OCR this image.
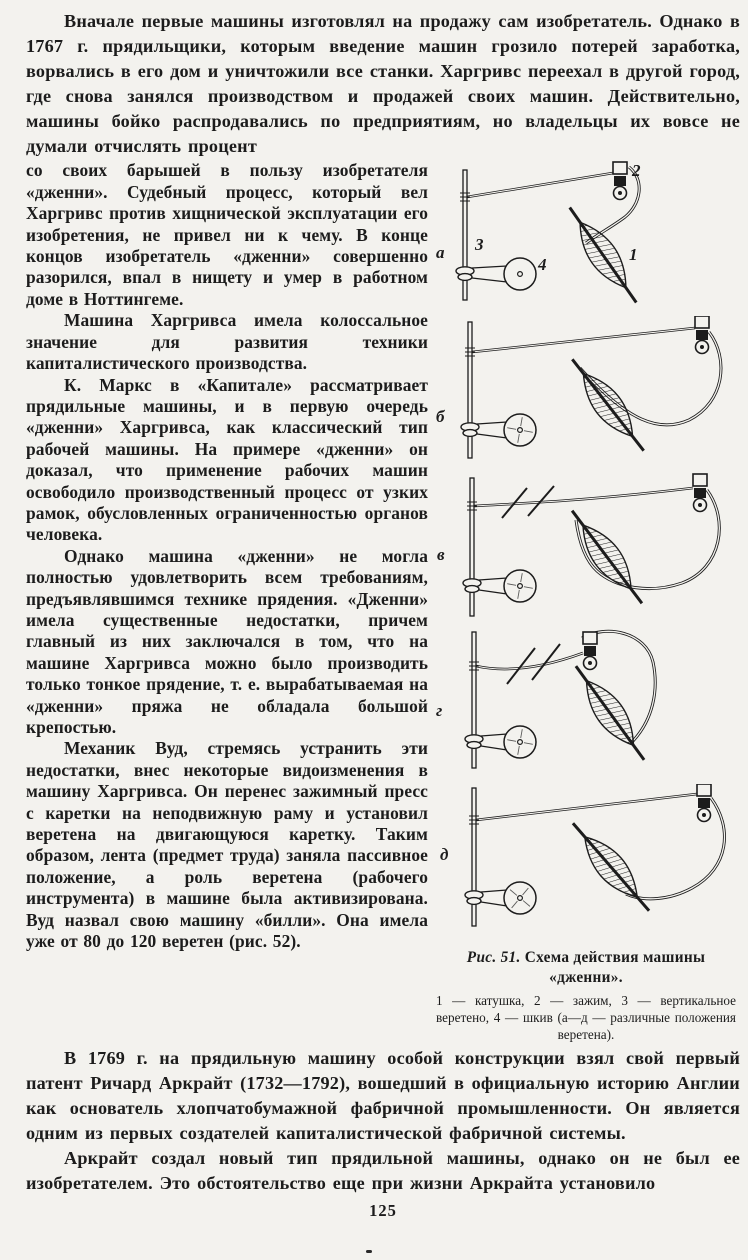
Вначале первые машины изготовлял на продажу сам изобретатель. Однако в 1767 г. прядильщики, которым введение машин грозило потерей заработка, ворвались в его дом и уничтожили все станки. Харгривс переехал в другой город, где снова занялся производством и продажей своих машин. Действительно, машины бойко распродавались по предприятиям, но владельцы их вовсе не думали отчислять процент

со своих барышей в пользу изобретателя «дженни». Судебный процесс, который вел Харгривс против хищнической эксплуатации его изобретения, не привел ни к чему. В конце концов изобретатель «дженни» совершенно разорился, впал в нищету и умер в работном доме в Ноттингеме.

Машина Харгривса имела колоссальное значение для развития техники капиталистического производства.

К. Маркс в «Капитале» рассматривает прядильные машины, и в первую очередь «дженни» Харгривса, как классический тип рабочей машины. На примере «дженни» он доказал, что применение рабочих машин освободило производственный процесс от узких рамок, обусловленных ограниченностью органов человека.

Однако машина «дженни» не могла полностью удовлетворить всем требованиям, предъявлявшимся технике прядения. «Дженни» имела существенные недостатки, причем главный из них заключался в том, что на машине Харгривса можно было производить только тонкое прядение, т. е. вырабатываемая на «дженни» пряжа не обладала большой крепостью.

Механик Вуд, стремясь устранить эти недостатки, внес некоторые видоизменения в машину Харгривса. Он перенес зажимный пресс с каретки на неподвижную раму и установил веретена на двигающуюся каретку. Таким образом, лента (предмет труда) заняла пассивное положение, а роль веретена (рабочего инструмента) в машине была активизирована. Вуд назвал свою машину «билли». Она имела уже от 80 до 120 веретен (рис. 52).

а	1
2
3
4
б
в
г
д
Рис. 51. Схема действия машины «дженни».
1 — катушка, 2 — зажим, 3 — вертикальное веретено, 4 — шкив (а—д — различные положения веретена).

В 1769 г. на прядильную машину особой конструкции взял свой первый патент Ричард Аркрайт (1732—1792), вошедший в официальную историю Англии как основатель хлопчатобумажной фабричной промышленности. Он является одним из первых создателей капиталистической фабричной системы.

Аркрайт создал новый тип прядильной машины, однако он не был ее изобретателем. Это обстоятельство еще при жизни Аркрайта установило

125
